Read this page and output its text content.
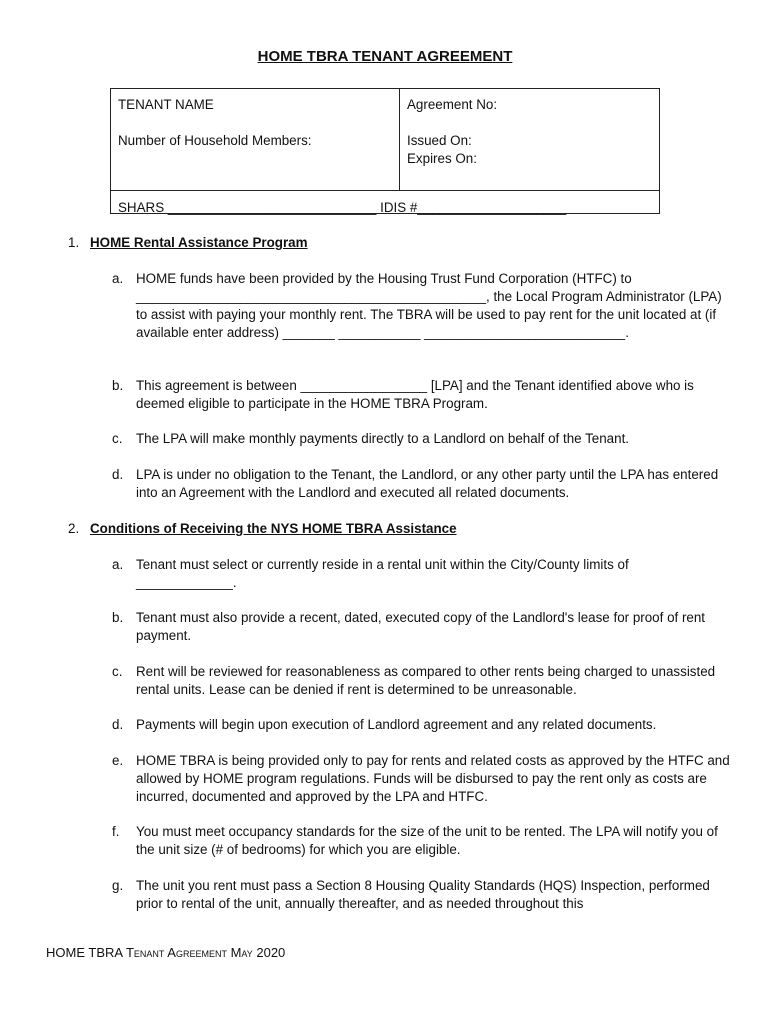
HOME TBRA TENANT AGREEMENT
TENANT NAME
Number of Household Members:
Agreement No:
Issued On:
Expires On:
SHARS ____________________________ IDIS #____________________
1. HOME Rental Assistance Program
a. HOME funds have been provided by the Housing Trust Fund Corporation (HTFC) to _______________________________________________, the Local Program Administrator (LPA) to assist with paying your monthly rent. The TBRA will be used to pay rent for the unit located at (if available enter address) _______ ___________ ___________________________.
b. This agreement is between _________________ [LPA] and the Tenant identified above who is deemed eligible to participate in the HOME TBRA Program.
c.	The LPA will make monthly payments directly to a Landlord on behalf of the Tenant.
d. LPA is under no obligation to the Tenant, the Landlord, or any other party until the LPA has entered into an Agreement with the Landlord and executed all related documents.
2. Conditions of Receiving the NYS HOME TBRA Assistance
a. Tenant must select or currently reside in a rental unit within the City/County limits of _____________.
b. Tenant must also provide a recent, dated, executed copy of the Landlord's lease for proof of rent payment.
c.	Rent will be reviewed for reasonableness as compared to other rents being charged to unassisted rental units. Lease can be denied if rent is determined to be unreasonable.
d. Payments will begin upon execution of Landlord agreement and any related documents.
e. HOME TBRA is being provided only to pay for rents and related costs as approved by the HTFC and allowed by HOME program regulations. Funds will be disbursed to pay the rent only as costs are incurred, documented and approved by the LPA and HTFC.
f.	You must meet occupancy standards for the size of the unit to be rented. The LPA will notify you of the unit size (# of bedrooms) for which you are eligible.
g. The unit you rent must pass a Section 8 Housing Quality Standards (HQS) Inspection, performed prior to rental of the unit, annually thereafter, and as needed throughout this
HOME TBRA Tenant Agreement May 2020
